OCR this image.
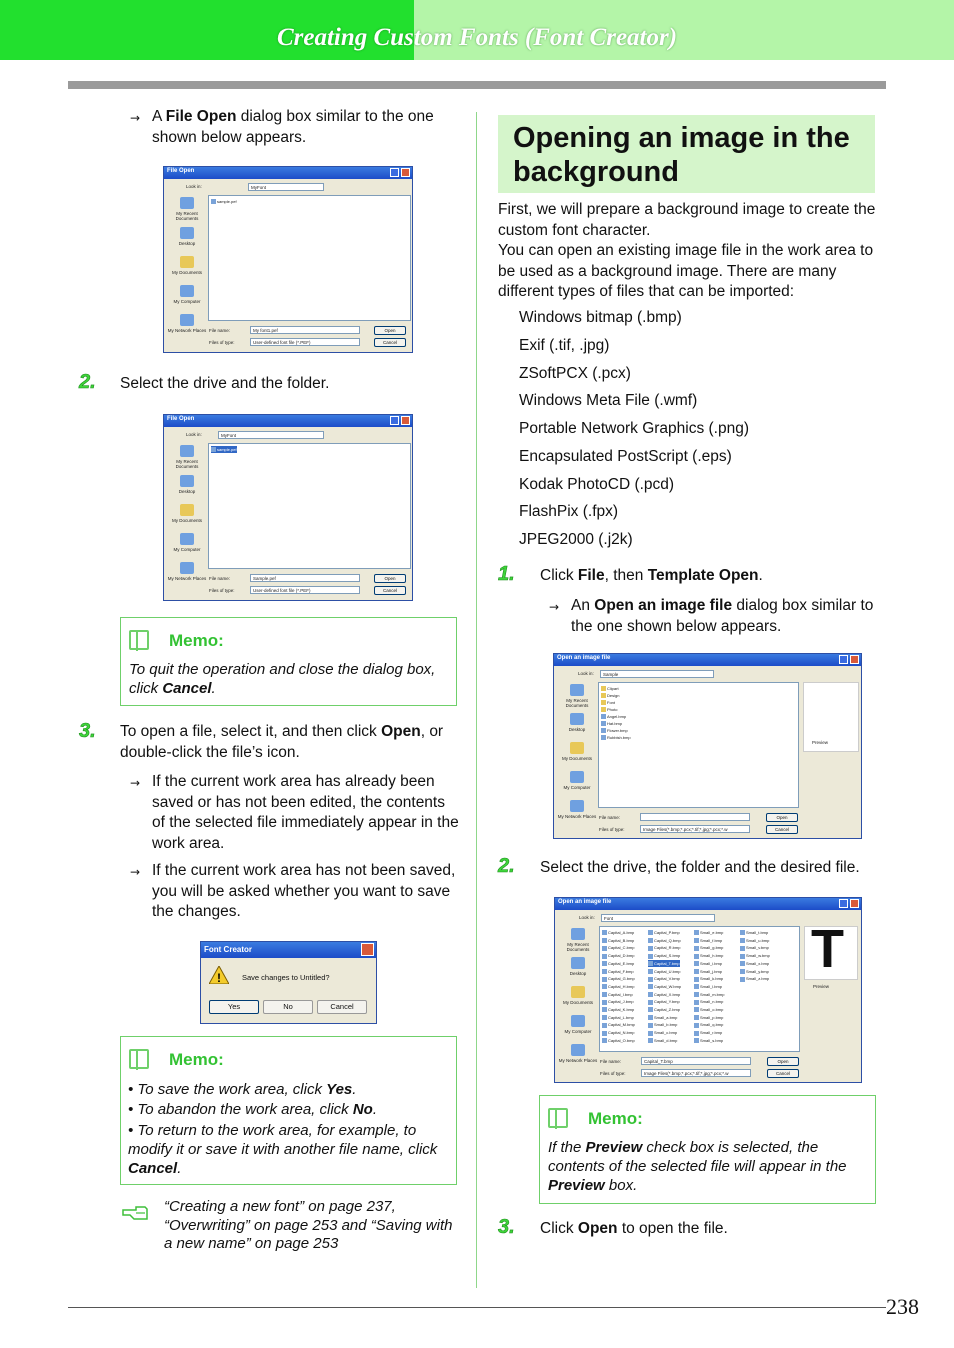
Creating Custom Fonts (Font Creator)
→ A File Open dialog box similar to the one shown below appears.
File Open
Look in:	MyFont
My Recent Documents
Desktop
My Documents
My Computer
My Network Places
sample.pef
File name:	My font1.pef	Open
Files of type:	User-defined font file (*.PEF)	Cancel
2. Select the drive and the folder.
File Open
Look in:	MyFont
My Recent Documents
Desktop
My Documents
My Computer
My Network Places
sample.pef
File name:	Sample.pef	Open
Files of type:	User-defined font file (*.PEF)	Cancel
Memo:
To quit the operation and close the dialog box, click Cancel.
3. To open a file, select it, and then click Open, or double-click the file’s icon.
→ If the current work area has already been saved or has not been edited, the contents of the selected file immediately appear in the work area.
→ If the current work area has not been saved, you will be asked whether you want to save the changes.
Font Creator
!	Save changes to Untitled?
Yes	No	Cancel
Memo:
• To save the work area, click Yes.
• To abandon the work area, click No.
• To return to the work area, for example, to modify it or save it with another file name, click Cancel.
“Creating a new font” on page 237, “Overwriting” on page 253 and “Saving with a new name” on page 253
Opening an image in the background
First, we will prepare a background image to create the custom font character.
You can open an existing image file in the work area to be used as a background image. There are many different types of files that can be imported:
Windows bitmap (.bmp)
Exif (.tif, .jpg)
ZSoftPCX (.pcx)
Windows Meta File (.wmf)
Portable Network Graphics (.png)
Encapsulated PostScript (.eps)
Kodak PhotoCD (.pcd)
FlashPix (.fpx)
JPEG2000 (.j2k)
1. Click File, then Template Open.
→ An Open an image file dialog box similar to the one shown below appears.
Open an image file
Look in:	Sample
My Recent Documents
Desktop
My Documents
My Computer
My Network Places
Clipart
Design
Font
Photo
Angel.bmp
Hat.bmp
Flower.bmp
Rubbish.bmp
Preview
File name:	Open
Files of type:	Image Files(*.bmp;*.pcx;*.tif;*.jpg;*.pcx;*.w	Cancel
2. Select the drive, the folder and the desired file.
Open an image file
Look in:	Font
My Recent Documents
Desktop
My Documents
My Computer
My Network Places
Capital_A.bmp
Capital_B.bmp
Capital_C.bmp
Capital_D.bmp
Capital_E.bmp
Capital_F.bmp
Capital_G.bmp
Capital_H.bmp
Capital_I.bmp
Capital_J.bmp
Capital_K.bmp
Capital_L.bmp
Capital_M.bmp
Capital_N.bmp
Capital_O.bmp
Capital_P.bmp
Capital_Q.bmp
Capital_R.bmp
Capital_S.bmp
Capital_T.bmp
Capital_U.bmp
Capital_V.bmp
Capital_W.bmp
Capital_X.bmp
Capital_Y.bmp
Capital_Z.bmp
Small_a.bmp
Small_b.bmp
Small_c.bmp
Small_d.bmp
Small_e.bmp
Small_f.bmp
Small_g.bmp
Small_h.bmp
Small_i.bmp
Small_j.bmp
Small_k.bmp
Small_l.bmp
Small_m.bmp
Small_n.bmp
Small_o.bmp
Small_p.bmp
Small_q.bmp
Small_r.bmp
Small_s.bmp
Small_t.bmp
Small_u.bmp
Small_v.bmp
Small_w.bmp
Small_x.bmp
Small_y.bmp
Small_z.bmp T
Preview
File name:	Capital_T.bmp	Open
Files of type:	Image Files(*.bmp;*.pcx;*.tif;*.jpg;*.pcx;*.w	Cancel
Memo:
If the Preview check box is selected, the contents of the selected file will appear in the Preview box.
3. Click Open to open the file.
238
